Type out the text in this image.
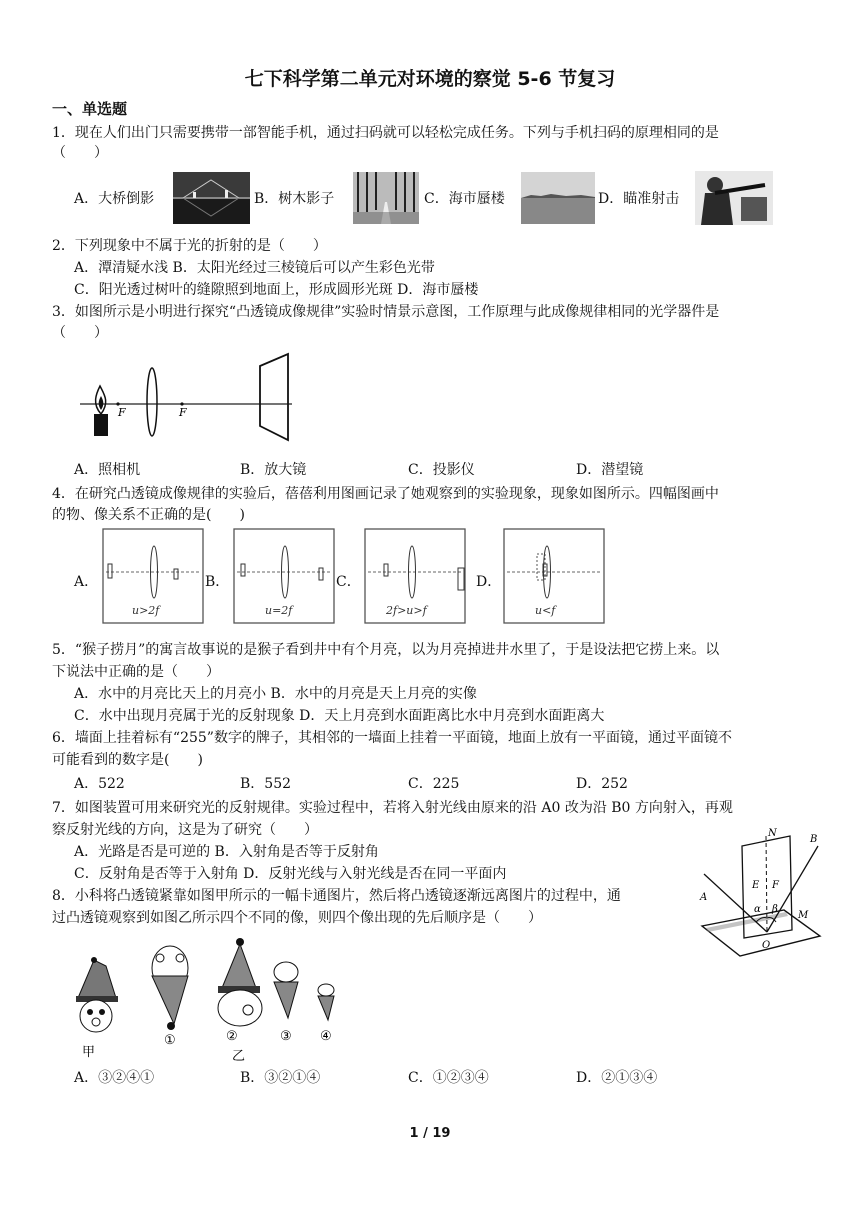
七下科学第二单元对环境的察觉 5-6 节复习
一、单选题
1．现在人们出门只需要携带一部智能手机，通过扫码就可以轻松完成任务。下列与手机扫码的原理相同的是
（　　）
A．大桥倒影	B．树木影子	C．海市蜃楼	D．瞄准射击
2．下列现象中不属于光的折射的是（　　）
A．潭清疑水浅 B．太阳光经过三棱镜后可以产生彩色光带
C．阳光透过树叶的缝隙照到地面上，形成圆形光斑 D．海市蜃楼
3．如图所示是小明进行探究“凸透镜成像规律”实验时情景示意图，工作原理与此成像规律相同的光学器件是
（　　）
F	F
A．照相机	B．放大镜	C．投影仪	D．潜望镜
4．在研究凸透镜成像规律的实验后，蓓蓓利用图画记录了她观察到的实验现象，现象如图所示。四幅图画中
的物、像关系不正确的是(　　)
A．
u>2f
B．
u=2f
C．
2f>u>f
D．
u<f
5．“猴子捞月”的寓言故事说的是猴子看到井中有个月亮，以为月亮掉进井水里了，于是设法把它捞上来。以
下说法中正确的是（　　）
A．水中的月亮比天上的月亮小 B．水中的月亮是天上月亮的实像
C．水中出现月亮属于光的反射现象 D．天上月亮到水面距离比水中月亮到水面距离大
6．墙面上挂着标有“255”数字的牌子，其相邻的一墙面上挂着一平面镜，地面上放有一平面镜，通过平面镜不
可能看到的数字是(　　)
A．522	B．552	C．225	D．252
7．如图装置可用来研究光的反射规律。实验过程中，若将入射光线由原来的沿 A0 改为沿 B0 方向射入，再观
察反射光线的方向，这是为了研究（　　）
A．光路是否是可逆的 B．入射角是否等于反射角
C．反射角是否等于入射角 D．反射光线与入射光线是否在同一平面内
N
B
A
E F
α β
M
O
8．小科将凸透镜紧靠如图甲所示的一幅卡通图片，然后将凸透镜逐渐远离图片的过程中，通
过凸透镜观察到如图乙所示四个不同的像，则四个像出现的先后顺序是（　　）
甲
①	②	③ ④
乙
A．③②④①	B．③②①④	C．①②③④	D．②①③④
1 / 19
